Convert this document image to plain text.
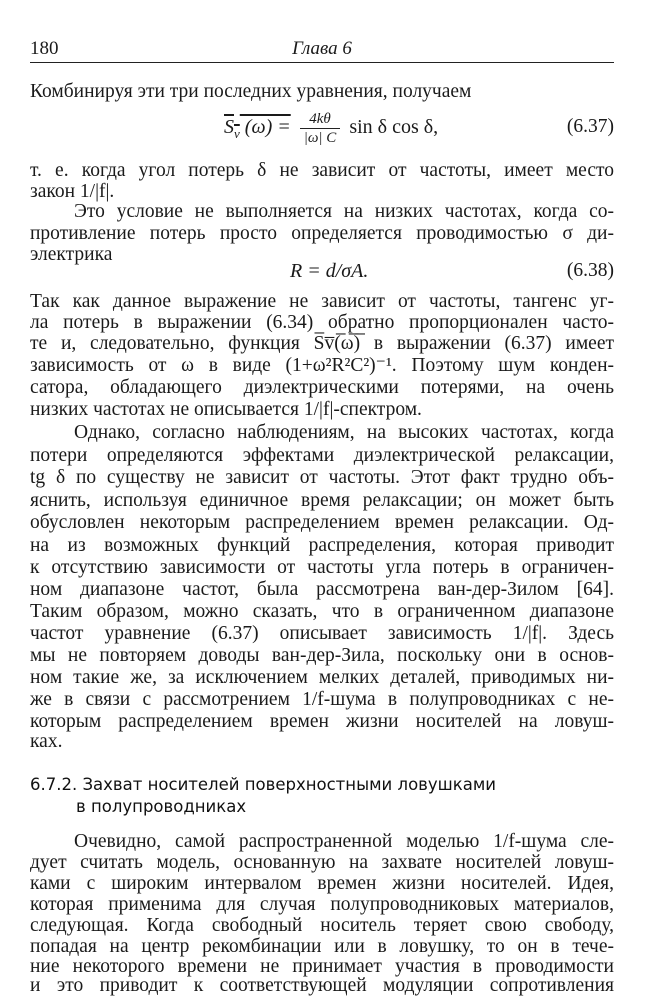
180	Глава 6
Комбинируя эти три последних уравнения, получаем
$S_v$ $(\omega) = \frac{4k\theta}{|\omega| C}$ sin δ cos δ,	(6.37)
т. е. когда угол потерь δ не зависит от частоты, имеет место
закон 1/|f|.
Это условие не выполняется на низких частотах, когда со-
противление потерь просто определяется проводимостью σ ди-
электрика
R = d/σA.	(6.38)
Так как данное выражение не зависит от частоты, тангенс уг-
ла потерь в выражении (6.34) обратно пропорционален часто-
те и, следовательно, функция S̅v̅(̅ω̅)̅ в выражении (6.37) имеет
зависимость от ω в виде (1+ω²R²C²)⁻¹. Поэтому шум конден-
сатора, обладающего диэлектрическими потерями, на очень
низких частотах не описывается 1/|f|-спектром.
Однако, согласно наблюдениям, на высоких частотах, когда
потери определяются эффектами диэлектрической релаксации,
tg δ по существу не зависит от частоты. Этот факт трудно объ-
яснить, используя единичное время релаксации; он может быть
обусловлен некоторым распределением времен релаксации. Од-
на из возможных функций распределения, которая приводит
к отсутствию зависимости от частоты угла потерь в ограничен-
ном диапазоне частот, была рассмотрена ван-дер-Зилом [64].
Таким образом, можно сказать, что в ограниченном диапазоне
частот уравнение (6.37) описывает зависимость 1/|f|. Здесь
мы не повторяем доводы ван-дер-Зила, поскольку они в основ-
ном такие же, за исключением мелких деталей, приводимых ни-
же в связи с рассмотрением 1/f-шума в полупроводниках с не-
которым распределением времен жизни носителей на ловуш-
ках.
6.7.2. Захват носителей поверхностными ловушками
в полупроводниках
Очевидно, самой распространенной моделью 1/f-шума сле-
дует считать модель, основанную на захвате носителей ловуш-
ками с широким интервалом времен жизни носителей. Идея,
которая применима для случая полупроводниковых материалов,
следующая. Когда свободный носитель теряет свою свободу,
попадая на центр рекомбинации или в ловушку, то он в тече-
ние некоторого времени не принимает участия в проводимости
и это приводит к соответствующей модуляции сопротивления
